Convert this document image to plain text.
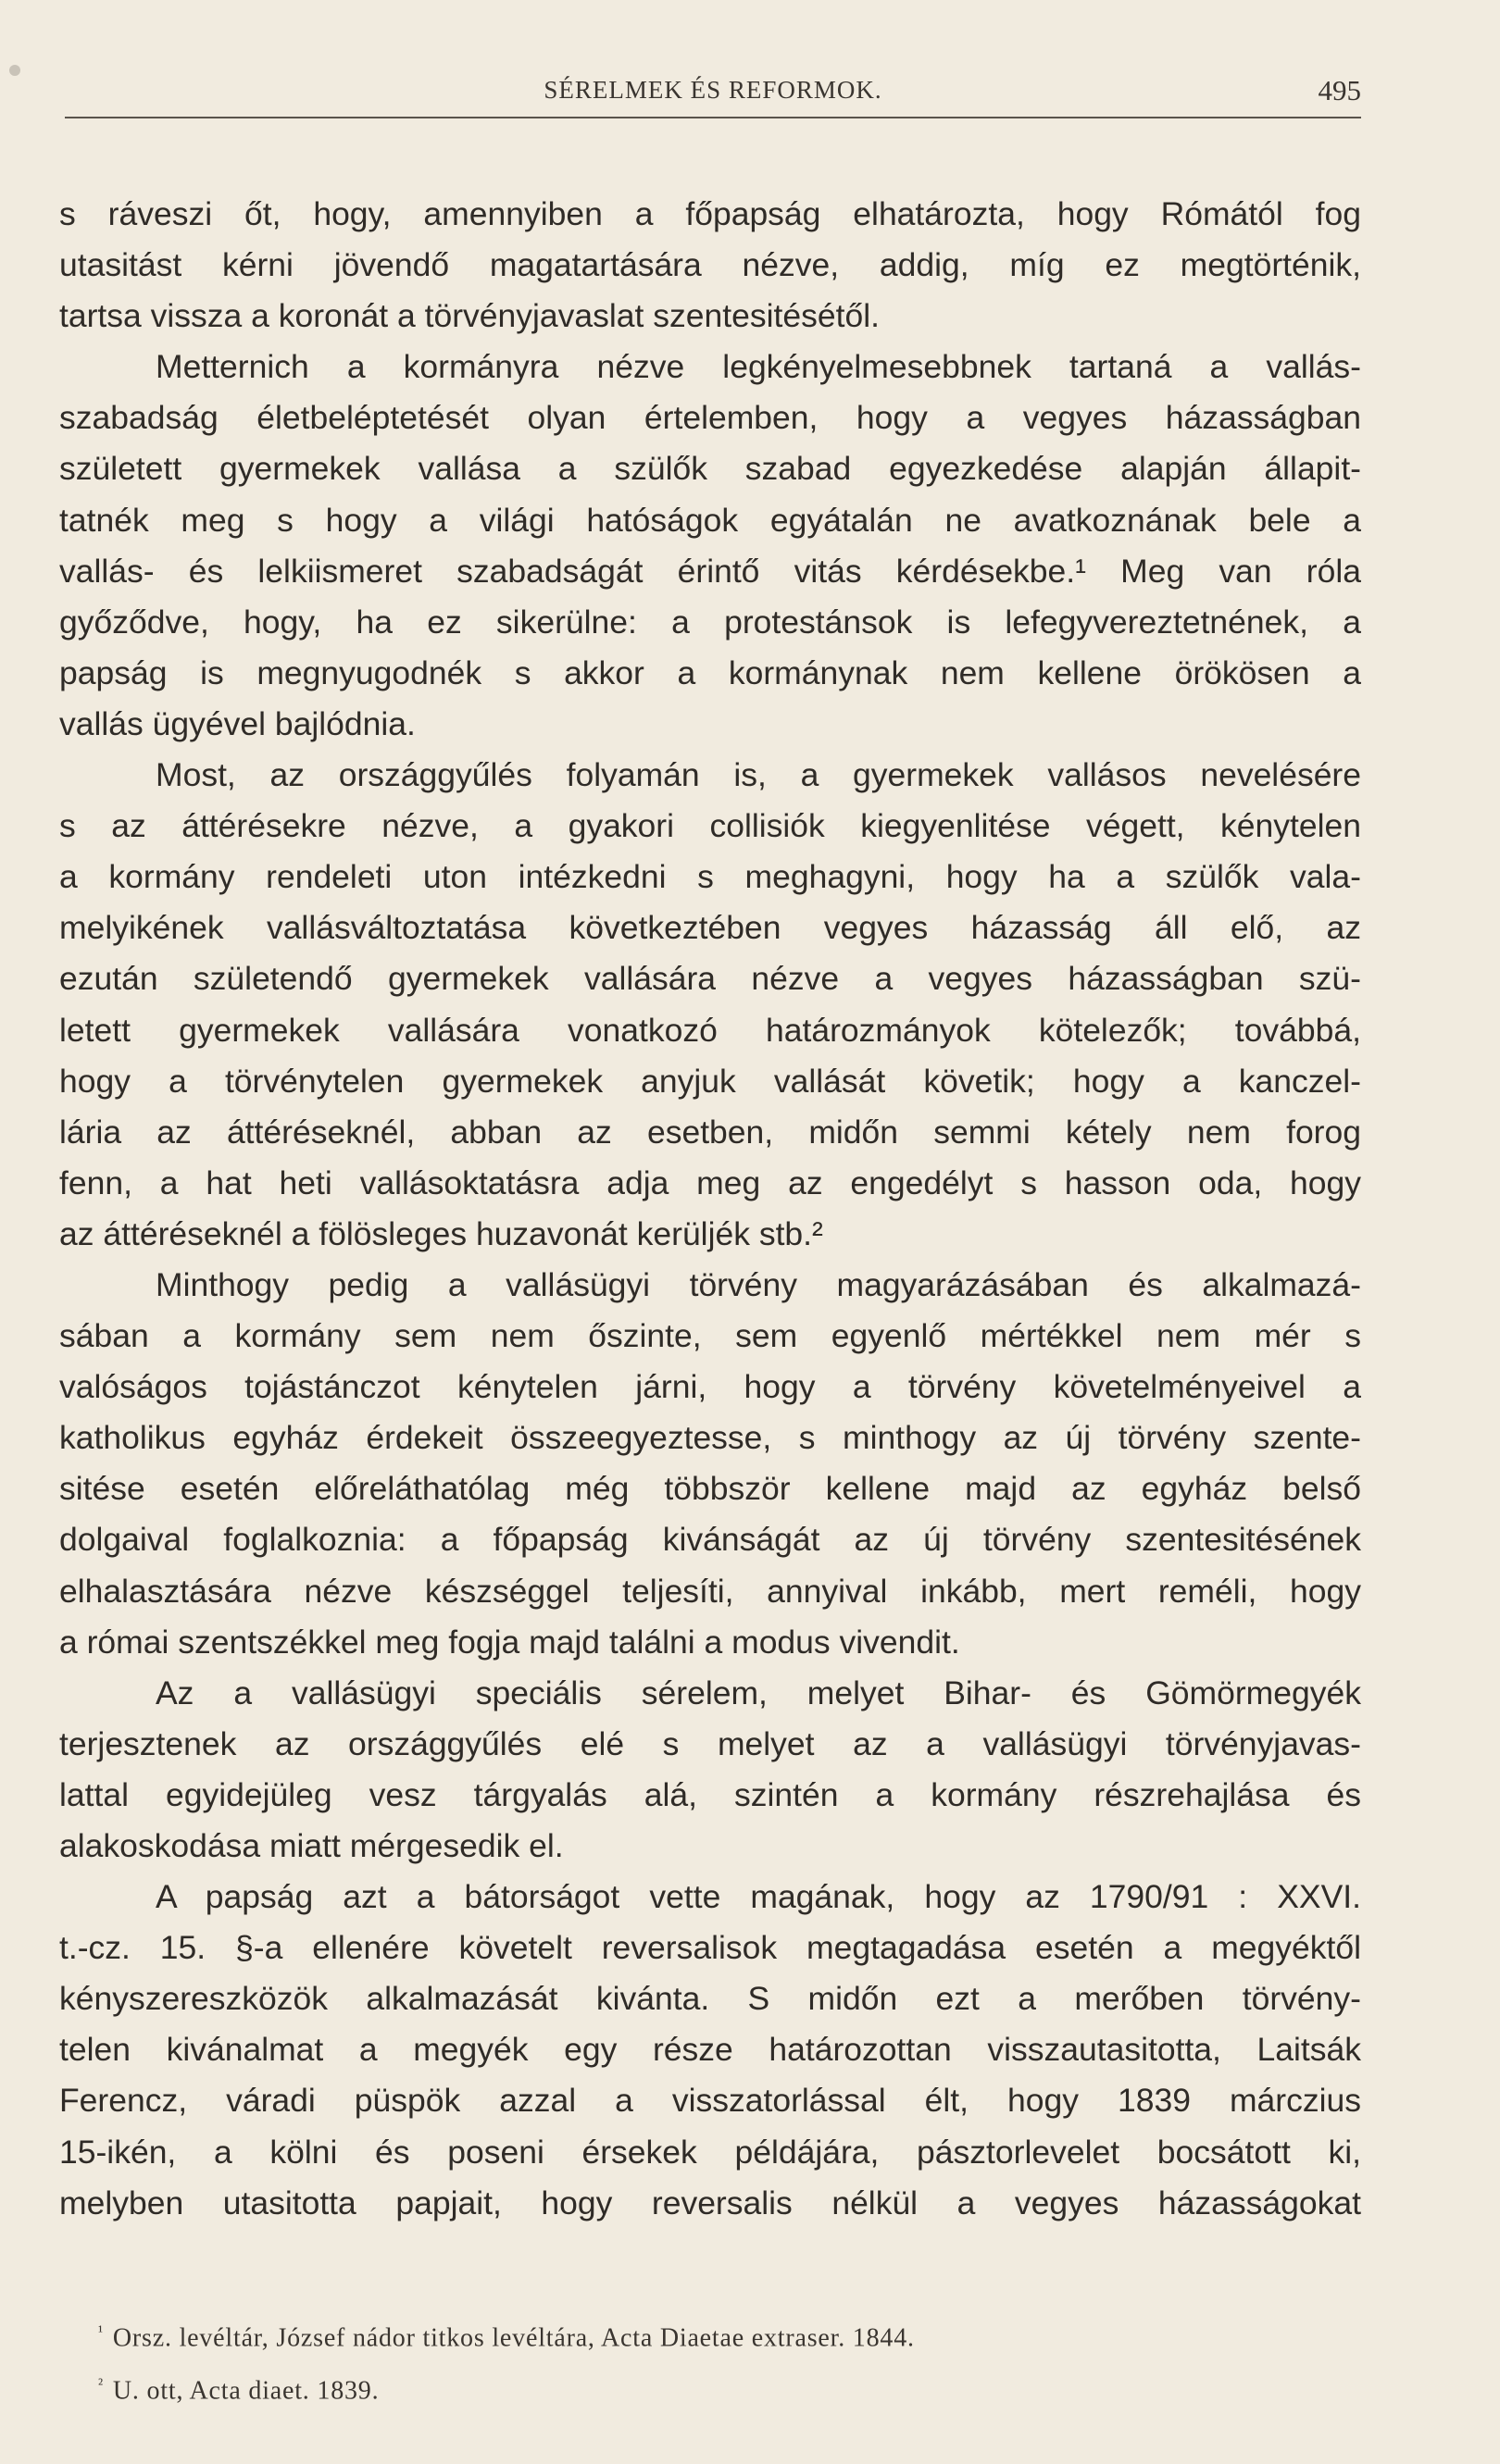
SÉRELMEK ÉS REFORMOK.	495
s ráveszi őt, hogy, amennyiben a főpapság elhatározta, hogy Rómától fog
utasitást kérni jövendő magatartására nézve, addig, míg ez megtörténik,
tartsa vissza a koronát a törvényjavaslat szentesitésétől.
Metternich a kormányra nézve legkényelmesebbnek tartaná a vallás-
szabadság életbeléptetését olyan értelemben, hogy a vegyes házasságban
született gyermekek vallása a szülők szabad egyezkedése alapján állapit-
tatnék meg s hogy a világi hatóságok egyátalán ne avatkoznának bele a
vallás- és lelkiismeret szabadságát érintő vitás kérdésekbe.¹ Meg van róla
győződve, hogy, ha ez sikerülne: a protestánsok is lefegyvereztetnének, a
papság is megnyugodnék s akkor a kormánynak nem kellene örökösen a
vallás ügyével bajlódnia.
Most, az országgyűlés folyamán is, a gyermekek vallásos nevelésére
s az áttérésekre nézve, a gyakori collisiók kiegyenlitése végett, kénytelen
a kormány rendeleti uton intézkedni s meghagyni, hogy ha a szülők vala-
melyikének vallásváltoztatása következtében vegyes házasság áll elő, az
ezután születendő gyermekek vallására nézve a vegyes házasságban szü-
letett gyermekek vallására vonatkozó határozmányok kötelezők; továbbá,
hogy a törvénytelen gyermekek anyjuk vallását követik; hogy a kanczel-
lária az áttéréseknél, abban az esetben, midőn semmi kétely nem forog
fenn, a hat heti vallásoktatásra adja meg az engedélyt s hasson oda, hogy
az áttéréseknél a fölösleges huzavonát kerüljék stb.²
Minthogy pedig a vallásügyi törvény magyarázásában és alkalmazá-
sában a kormány sem nem őszinte, sem egyenlő mértékkel nem mér s
valóságos tojástánczot kénytelen járni, hogy a törvény követelményeivel a
katholikus egyház érdekeit összeegyeztesse, s minthogy az új törvény szente-
sitése esetén előreláthatólag még többször kellene majd az egyház belső
dolgaival foglalkoznia: a főpapság kivánságát az új törvény szentesitésének
elhalasztására nézve készséggel teljesíti, annyival inkább, mert reméli, hogy
a római szentszékkel meg fogja majd találni a modus vivendit.
Az a vallásügyi speciális sérelem, melyet Bihar- és Gömörmegyék
terjesztenek az országgyűlés elé s melyet az a vallásügyi törvényjavas-
lattal egyidejüleg vesz tárgyalás alá, szintén a kormány részrehajlása és
alakoskodása miatt mérgesedik el.
A papság azt a bátorságot vette magának, hogy az 1790/91 : XXVI.
t.-cz. 15. §-a ellenére követelt reversalisok megtagadása esetén a megyéktől
kényszereszközök alkalmazását kivánta. S midőn ezt a merőben törvény-
telen kivánalmat a megyék egy része határozottan visszautasitotta, Laitsák
Ferencz, váradi püspök azzal a visszatorlással élt, hogy 1839 márczius
15-ikén, a kölni és poseni érsekek példájára, pásztorlevelet bocsátott ki,
melyben utasitotta papjait, hogy reversalis nélkül a vegyes házasságokat
$^{^1}$ Orsz. levéltár, József nádor titkos levéltára, Acta Diaetae extraser. 1844.
$^{^2}$ U. ott, Acta diaet. 1839.
